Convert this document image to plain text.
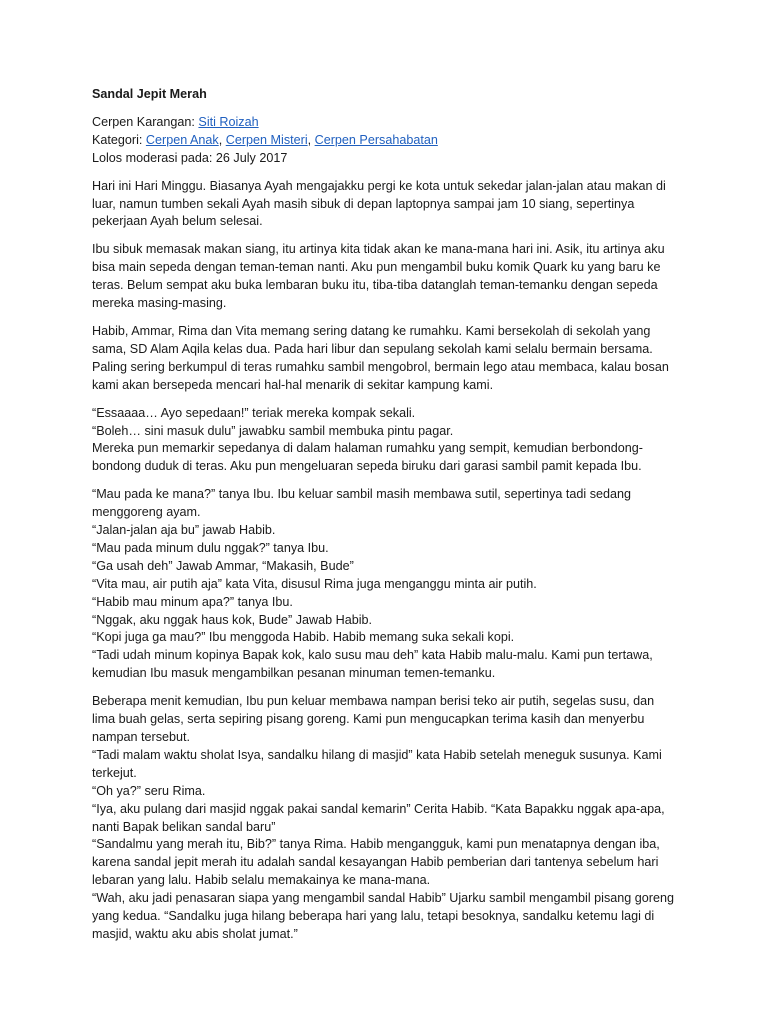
Sandal Jepit Merah
Cerpen Karangan: Siti Roizah
Kategori: Cerpen Anak, Cerpen Misteri, Cerpen Persahabatan
Lolos moderasi pada: 26 July 2017

Hari ini Hari Minggu. Biasanya Ayah mengajakku pergi ke kota untuk sekedar jalan-jalan atau makan di luar, namun tumben sekali Ayah masih sibuk di depan laptopnya sampai jam 10 siang, sepertinya pekerjaan Ayah belum selesai.

Ibu sibuk memasak makan siang, itu artinya kita tidak akan ke mana-mana hari ini. Asik, itu artinya aku bisa main sepeda dengan teman-teman nanti. Aku pun mengambil buku komik Quark ku yang baru ke teras. Belum sempat aku buka lembaran buku itu, tiba-tiba datanglah teman-temanku dengan sepeda mereka masing-masing.

Habib, Ammar, Rima dan Vita memang sering datang ke rumahku. Kami bersekolah di sekolah yang sama, SD Alam Aqila kelas dua. Pada hari libur dan sepulang sekolah kami selalu bermain bersama. Paling sering berkumpul di teras rumahku sambil mengobrol, bermain lego atau membaca, kalau bosan kami akan bersepeda mencari hal-hal menarik di sekitar kampung kami.

“Essaaaa… Ayo sepedaan!” teriak mereka kompak sekali.
“Boleh… sini masuk dulu” jawabku sambil membuka pintu pagar.
Mereka pun memarkir sepedanya di dalam halaman rumahku yang sempit, kemudian berbondong-bondong duduk di teras. Aku pun mengeluaran sepeda biruku dari garasi sambil pamit kepada Ibu.
“Mau pada ke mana?” tanya Ibu. Ibu keluar sambil masih membawa sutil, sepertinya tadi sedang menggoreng ayam.
“Jalan-jalan aja bu” jawab Habib.
“Mau pada minum dulu nggak?” tanya Ibu.
“Ga usah deh” Jawab Ammar, “Makasih, Bude”
“Vita mau, air putih aja” kata Vita, disusul Rima juga menganggu minta air putih.
“Habib mau minum apa?” tanya Ibu.
“Nggak, aku nggak haus kok, Bude” Jawab Habib.
“Kopi juga ga mau?” Ibu menggoda Habib. Habib memang suka sekali kopi.
“Tadi udah minum kopinya Bapak kok, kalo susu mau deh” kata Habib malu-malu. Kami pun tertawa, kemudian Ibu masuk mengambilkan pesanan minuman temen-temanku.
Beberapa menit kemudian, Ibu pun keluar membawa nampan berisi teko air putih, segelas susu, dan lima buah gelas, serta sepiring pisang goreng. Kami pun mengucapkan terima kasih dan menyerbu nampan tersebut.
“Tadi malam waktu sholat Isya, sandalku hilang di masjid” kata Habib setelah meneguk susunya. Kami terkejut.
“Oh ya?” seru Rima.
“Iya, aku pulang dari masjid nggak pakai sandal kemarin” Cerita Habib. “Kata Bapakku nggak apa-apa, nanti Bapak belikan sandal baru”
“Sandalmu yang merah itu, Bib?” tanya Rima. Habib mengangguk, kami pun menatapnya dengan iba, karena sandal jepit merah itu adalah sandal kesayangan Habib pemberian dari tantenya sebelum hari lebaran yang lalu. Habib selalu memakainya ke mana-mana.
“Wah, aku jadi penasaran siapa yang mengambil sandal Habib” Ujarku sambil mengambil pisang goreng yang kedua. “Sandalku juga hilang beberapa hari yang lalu, tetapi besoknya, sandalku ketemu lagi di masjid, waktu aku abis sholat jumat.”
